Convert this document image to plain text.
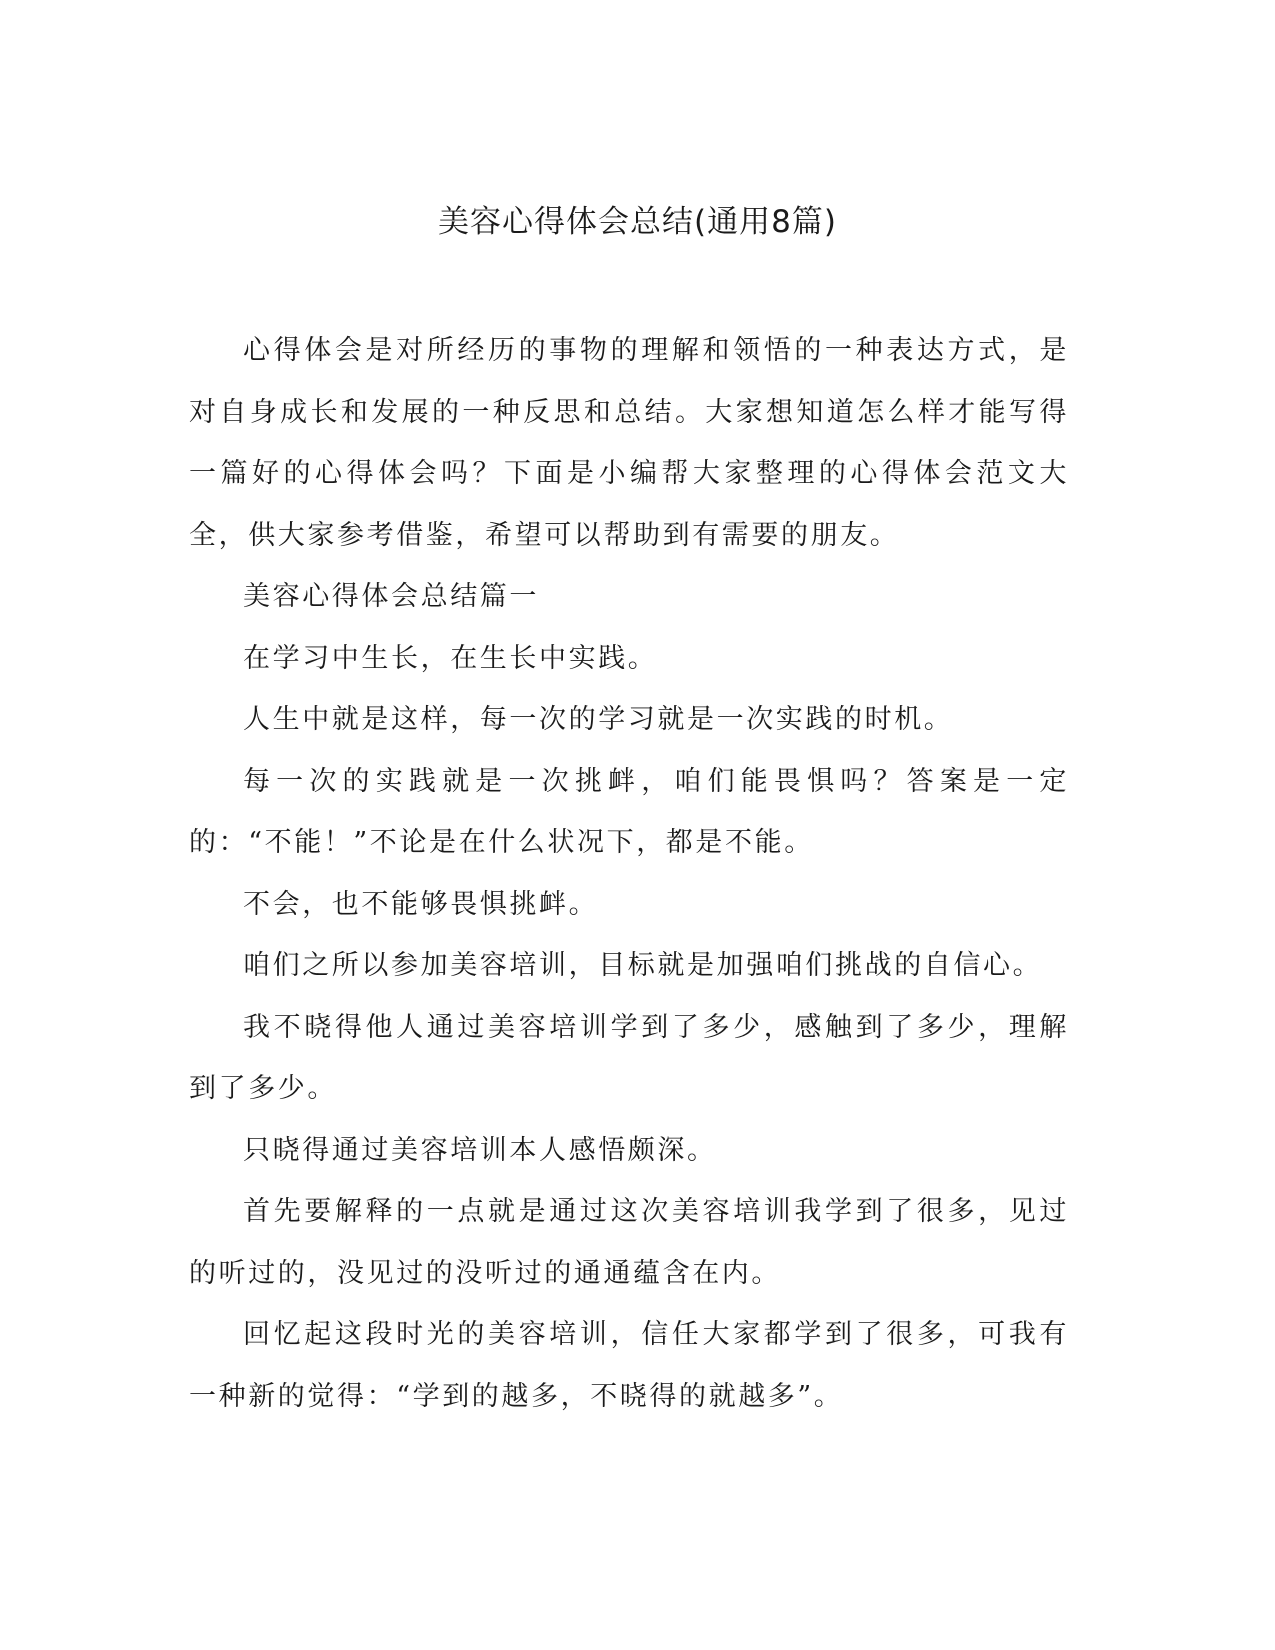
美容心得体会总结(通用8篇)

心得体会是对所经历的事物的理解和领悟的一种表达方式，是对自身成长和发展的一种反思和总结。大家想知道怎么样才能写得一篇好的心得体会吗？下面是小编帮大家整理的心得体会范文大全，供大家参考借鉴，希望可以帮助到有需要的朋友。

美容心得体会总结篇一

在学习中生长，在生长中实践。

人生中就是这样，每一次的学习就是一次实践的时机。

每一次的实践就是一次挑衅，咱们能畏惧吗？答案是一定的：“不能！”不论是在什么状况下，都是不能。

不会，也不能够畏惧挑衅。

咱们之所以参加美容培训，目标就是加强咱们挑战的自信心。

我不晓得他人通过美容培训学到了多少，感触到了多少，理解到了多少。

只晓得通过美容培训本人感悟颇深。

首先要解释的一点就是通过这次美容培训我学到了很多，见过的听过的，没见过的没听过的通通蕴含在内。

回忆起这段时光的美容培训，信任大家都学到了很多，可我有一种新的觉得：“学到的越多，不晓得的就越多”。
